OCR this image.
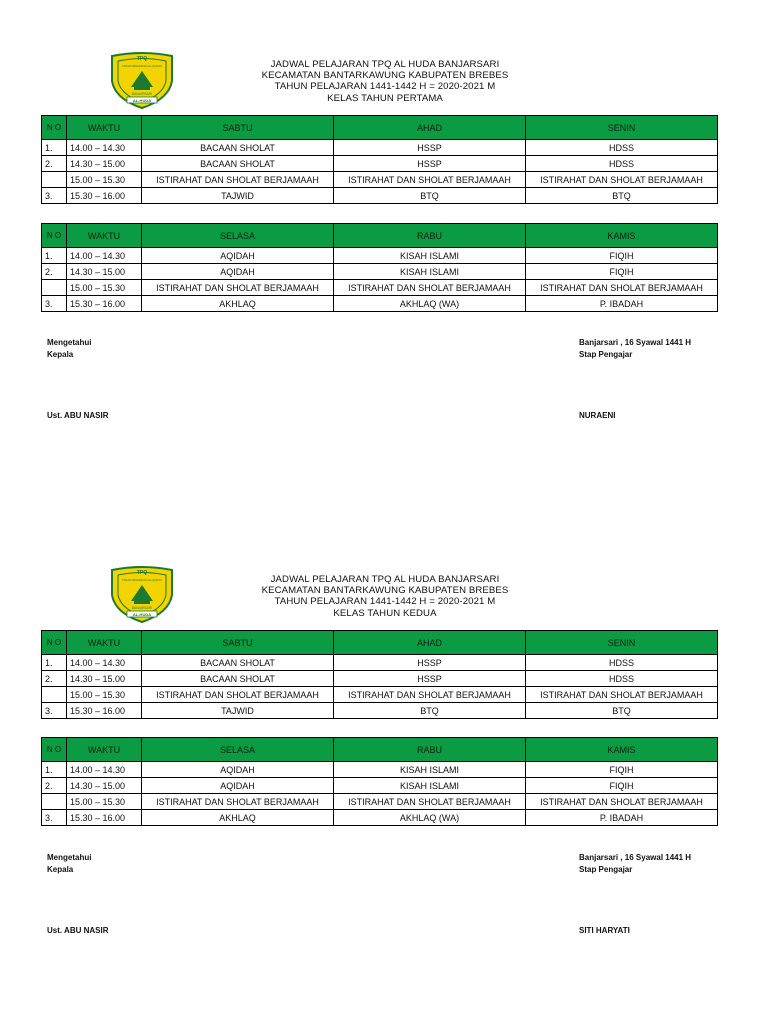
TPQ
TAMAN PENDIDIKAN AL-QUR'AN
BANJARSARI
AL-HUDA
JADWAL PELAJARAN TPQ AL HUDA BANJARSARI
KECAMATAN BANTARKAWUNG KABUPATEN BREBES
TAHUN PELAJARAN 1441-1442 H = 2020-2021 M
KELAS TAHUN PERTAMA
N O	WAKTU	SABTU	AHAD	SENIN
1.	14.00 – 14.30	BACAAN SHOLAT	HSSP	HDSS
2.	14.30 – 15.00	BACAAN SHOLAT	HSSP	HDSS
	15.00 – 15.30	ISTIRAHAT DAN SHOLAT BERJAMAAH	ISTIRAHAT DAN SHOLAT BERJAMAAH	ISTIRAHAT DAN SHOLAT BERJAMAAH
3.	15.30 – 16.00	TAJWID	BTQ	BTQ
N O	WAKTU	SELASA	RABU	KAMIS
1.	14.00 – 14.30	AQIDAH	KISAH ISLAMI	FIQIH
2.	14.30 – 15.00	AQIDAH	KISAH ISLAMI	FIQIH
	15.00 – 15.30	ISTIRAHAT DAN SHOLAT BERJAMAAH	ISTIRAHAT DAN SHOLAT BERJAMAAH	ISTIRAHAT DAN SHOLAT BERJAMAAH
3.	15.30 – 16.00	AKHLAQ	AKHLAQ (WA)	P. IBADAH
Mengetahui
Kepala
Ust. ABU NASIR
Banjarsari , 16 Syawal 1441 H
Stap Pengajar
NURAENI
TPQ
TAMAN PENDIDIKAN AL-QUR'AN
BANJARSARI
AL-HUDA
JADWAL PELAJARAN TPQ AL HUDA BANJARSARI
KECAMATAN BANTARKAWUNG KABUPATEN BREBES
TAHUN PELAJARAN 1441-1442 H = 2020-2021 M
KELAS TAHUN KEDUA
N O	WAKTU	SABTU	AHAD	SENIN
1.	14.00 – 14.30	BACAAN SHOLAT	HSSP	HDSS
2.	14.30 – 15.00	BACAAN SHOLAT	HSSP	HDSS
	15.00 – 15.30	ISTIRAHAT DAN SHOLAT BERJAMAAH	ISTIRAHAT DAN SHOLAT BERJAMAAH	ISTIRAHAT DAN SHOLAT BERJAMAAH
3.	15.30 – 16.00	TAJWID	BTQ	BTQ
N O	WAKTU	SELASA	RABU	KAMIS
1.	14.00 – 14.30	AQIDAH	KISAH ISLAMI	FIQIH
2.	14.30 – 15.00	AQIDAH	KISAH ISLAMI	FIQIH
	15.00 – 15.30	ISTIRAHAT DAN SHOLAT BERJAMAAH	ISTIRAHAT DAN SHOLAT BERJAMAAH	ISTIRAHAT DAN SHOLAT BERJAMAAH
3.	15.30 – 16.00	AKHLAQ	AKHLAQ (WA)	P. IBADAH
Mengetahui
Kepala
Ust. ABU NASIR
Banjarsari , 16 Syawal 1441 H
Stap Pengajar
SITI HARYATI
